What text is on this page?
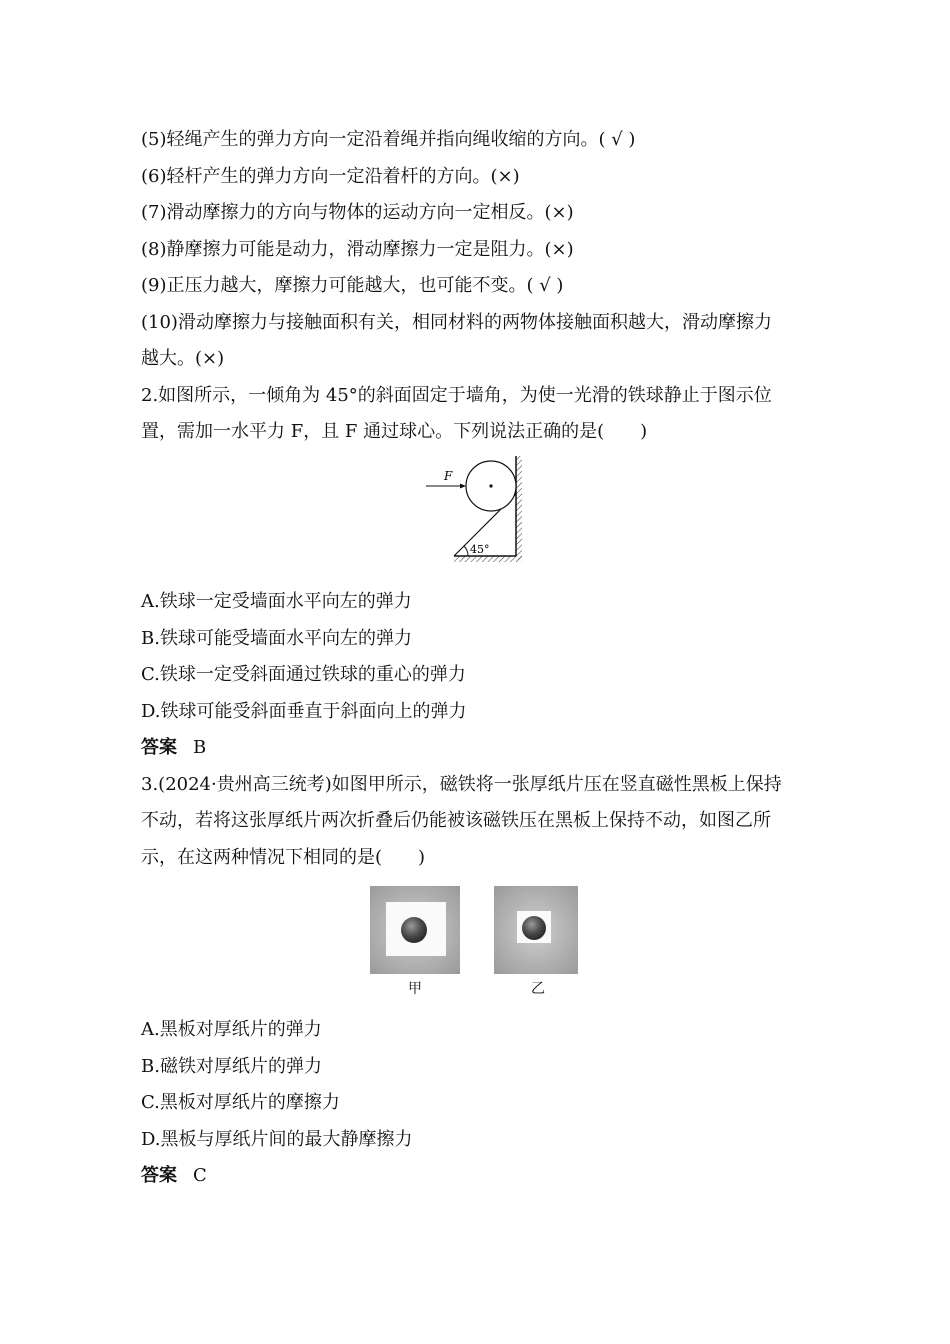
(5)轻绳产生的弹力方向一定沿着绳并指向绳收缩的方向。( √ )
(6)轻杆产生的弹力方向一定沿着杆的方向。(×)
(7)滑动摩擦力的方向与物体的运动方向一定相反。(×)
(8)静摩擦力可能是动力，滑动摩擦力一定是阻力。(×)
(9)正压力越大，摩擦力可能越大，也可能不变。( √ )
(10)滑动摩擦力与接触面积有关，相同材料的两物体接触面积越大，滑动摩擦力
越大。(×)
2.如图所示，一倾角为 45°的斜面固定于墙角，为使一光滑的铁球静止于图示位
置，需加一水平力 F，且 F 通过球心。下列说法正确的是(　　)
45°
F
A.铁球一定受墙面水平向左的弹力
B.铁球可能受墙面水平向左的弹力
C.铁球一定受斜面通过铁球的重心的弹力
D.铁球可能受斜面垂直于斜面向上的弹力
答案 B
3.(2024·贵州高三统考)如图甲所示，磁铁将一张厚纸片压在竖直磁性黑板上保持
不动，若将这张厚纸片两次折叠后仍能被该磁铁压在黑板上保持不动，如图乙所
示，在这两种情况下相同的是(　　)
甲	乙
A.黑板对厚纸片的弹力
B.磁铁对厚纸片的弹力
C.黑板对厚纸片的摩擦力
D.黑板与厚纸片间的最大静摩擦力
答案 C
